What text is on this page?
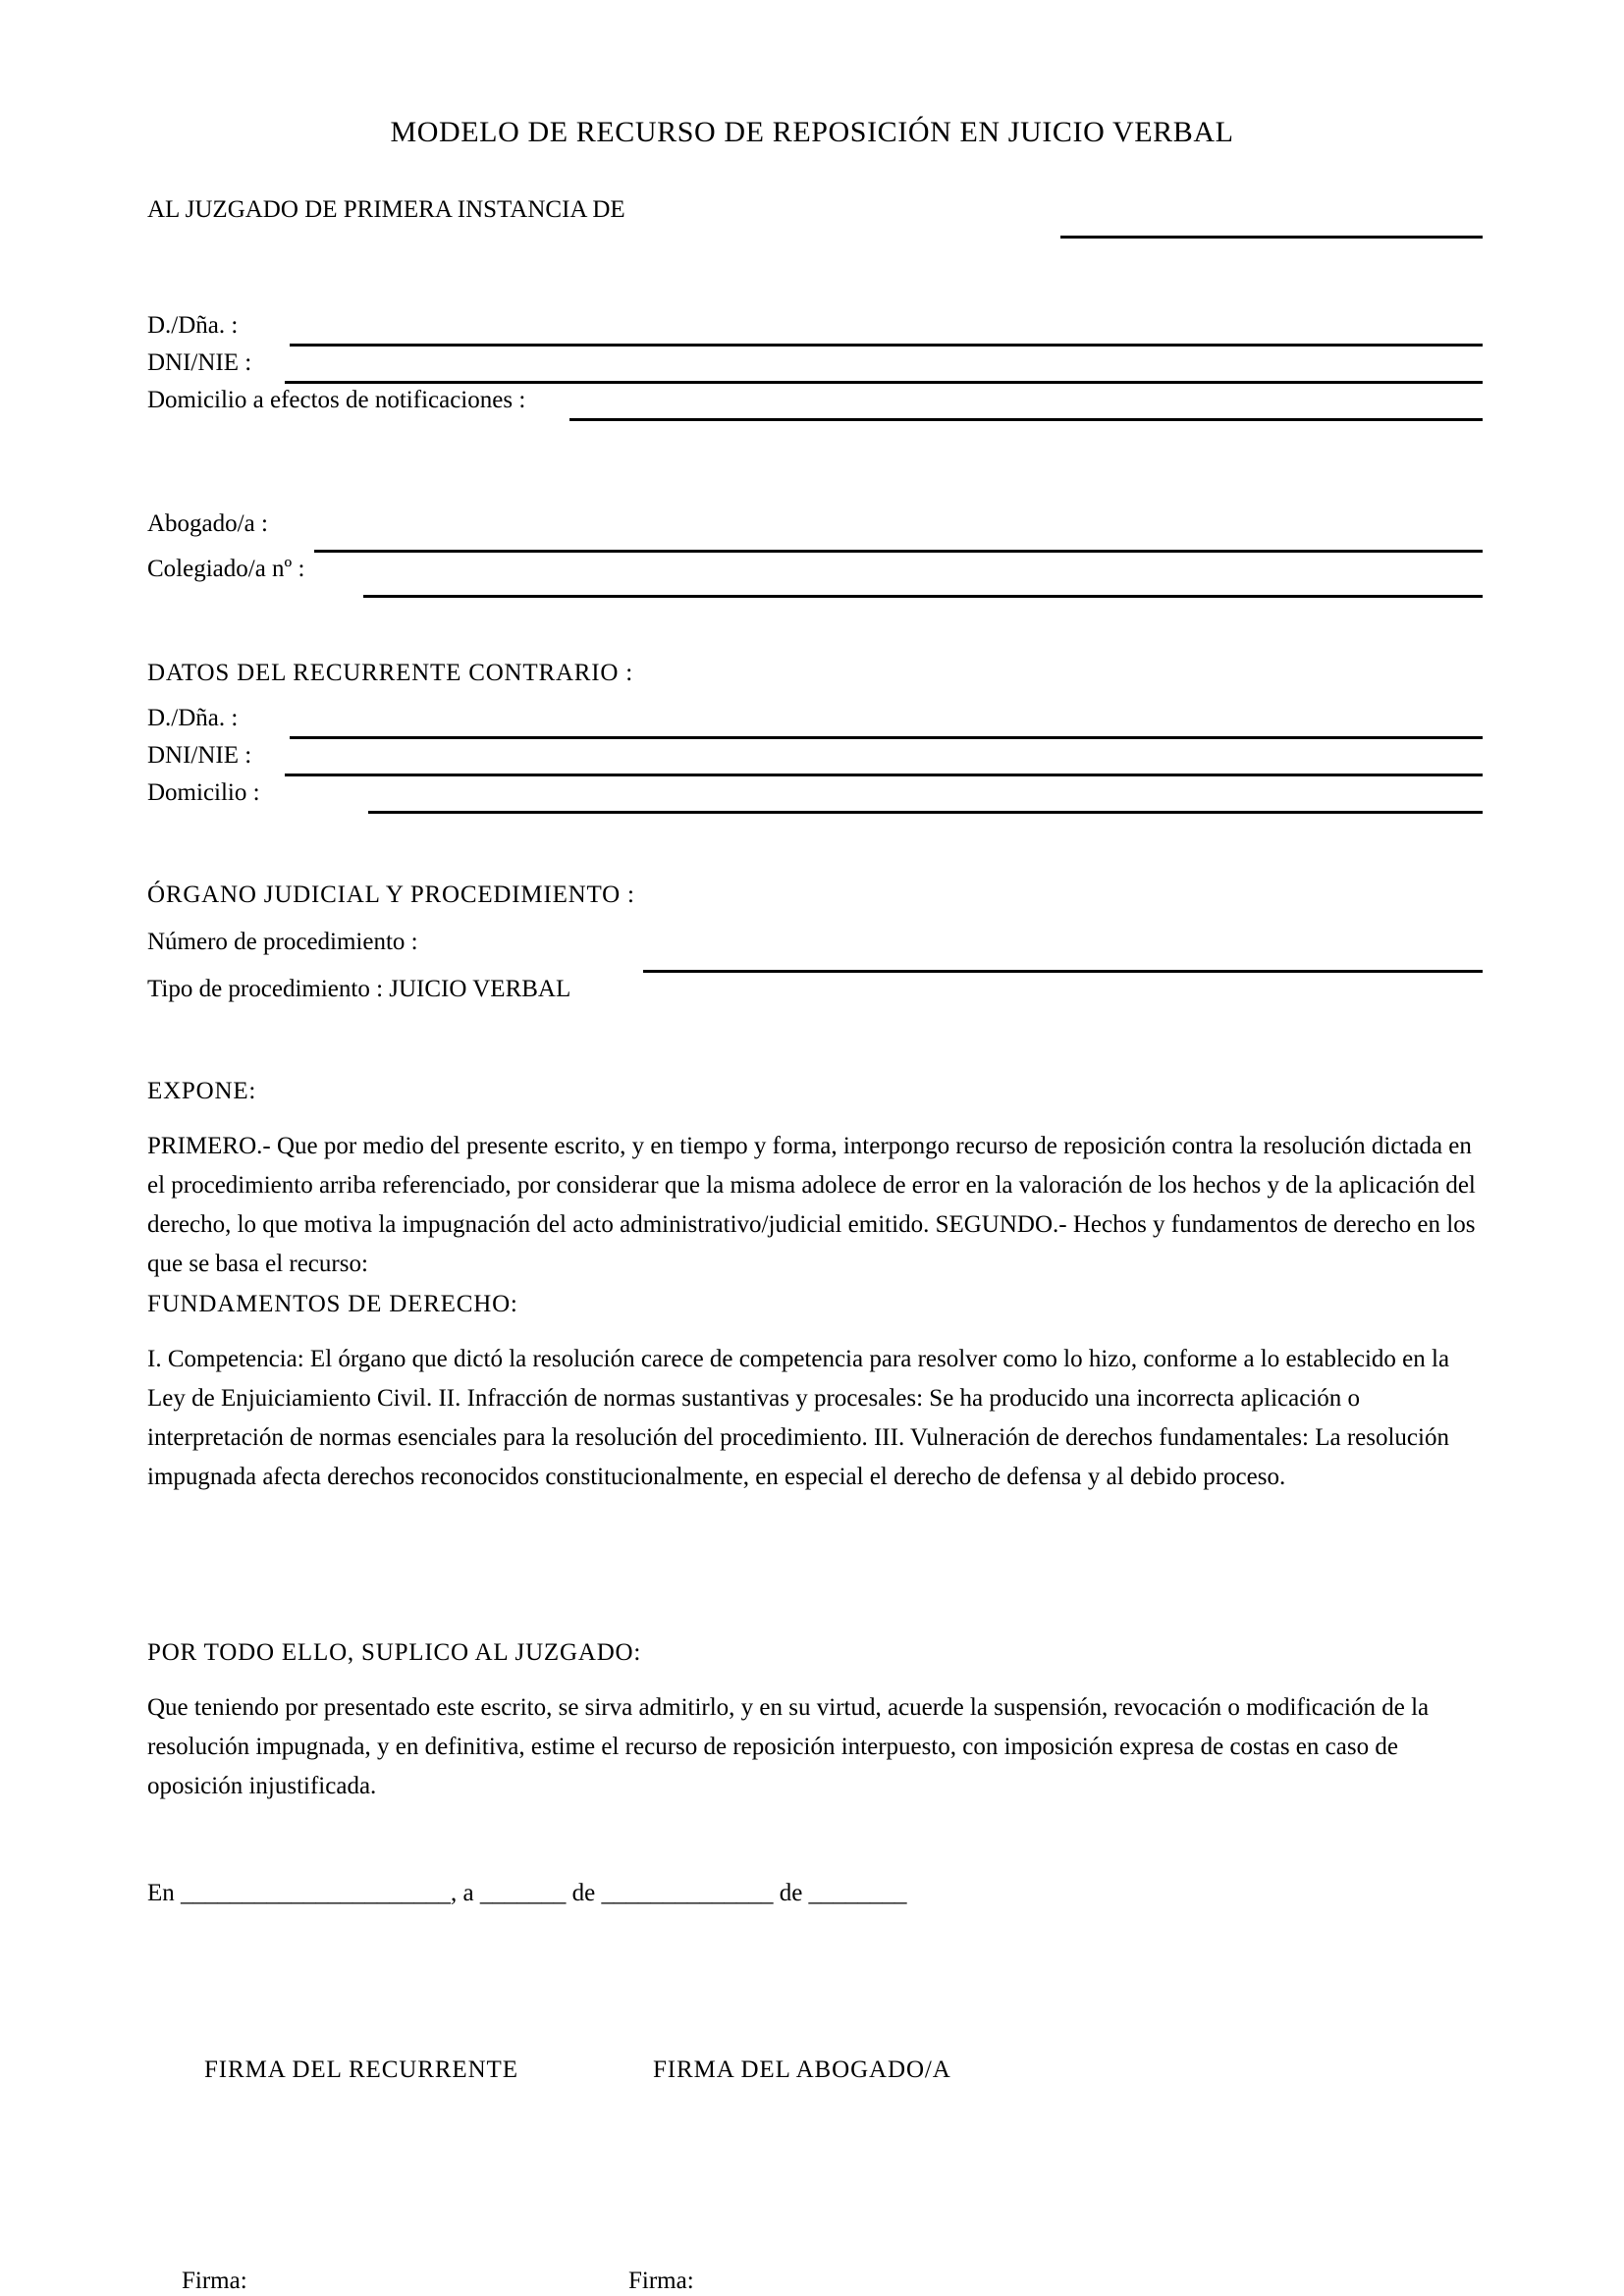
MODELO DE RECURSO DE REPOSICIÓN EN JUICIO VERBAL
AL JUZGADO DE PRIMERA INSTANCIA DE
D./Dña. :
DNI/NIE :
Domicilio a efectos de notificaciones :
Abogado/a :
Colegiado/a nº :
DATOS DEL RECURRENTE CONTRARIO :
D./Dña. :
DNI/NIE :
Domicilio :
ÓRGANO JUDICIAL Y PROCEDIMIENTO :
Número de procedimiento :
Tipo de procedimiento : JUICIO VERBAL
EXPONE:

PRIMERO.- Que por medio del presente escrito, y en tiempo y forma, interpongo recurso de reposición contra la resolución dictada en el procedimiento arriba referenciado, por considerar que la misma adolece de error en la valoración de los hechos y de la aplicación del derecho, lo que motiva la impugnación del acto administrativo/judicial emitido. SEGUNDO.- Hechos y fundamentos de derecho en los que se basa el recurso:

FUNDAMENTOS DE DERECHO:

I. Competencia: El órgano que dictó la resolución carece de competencia para resolver como lo hizo, conforme a lo establecido en la Ley de Enjuiciamiento Civil. II. Infracción de normas sustantivas y procesales: Se ha producido una incorrecta aplicación o interpretación de normas esenciales para la resolución del procedimiento. III. Vulneración de derechos fundamentales: La resolución impugnada afecta derechos reconocidos constitucionalmente, en especial el derecho de defensa y al debido proceso.

POR TODO ELLO, SUPLICO AL JUZGADO:

Que teniendo por presentado este escrito, se sirva admitirlo, y en su virtud, acuerde la suspensión, revocación o modificación de la resolución impugnada, y en definitiva, estime el recurso de reposición interpuesto, con imposición expresa de costas en caso de oposición injustificada.

En ______________________, a _______ de ______________ de ________
FIRMA DEL RECURRENTE	FIRMA DEL ABOGADO/A
Firma:	Firma:
